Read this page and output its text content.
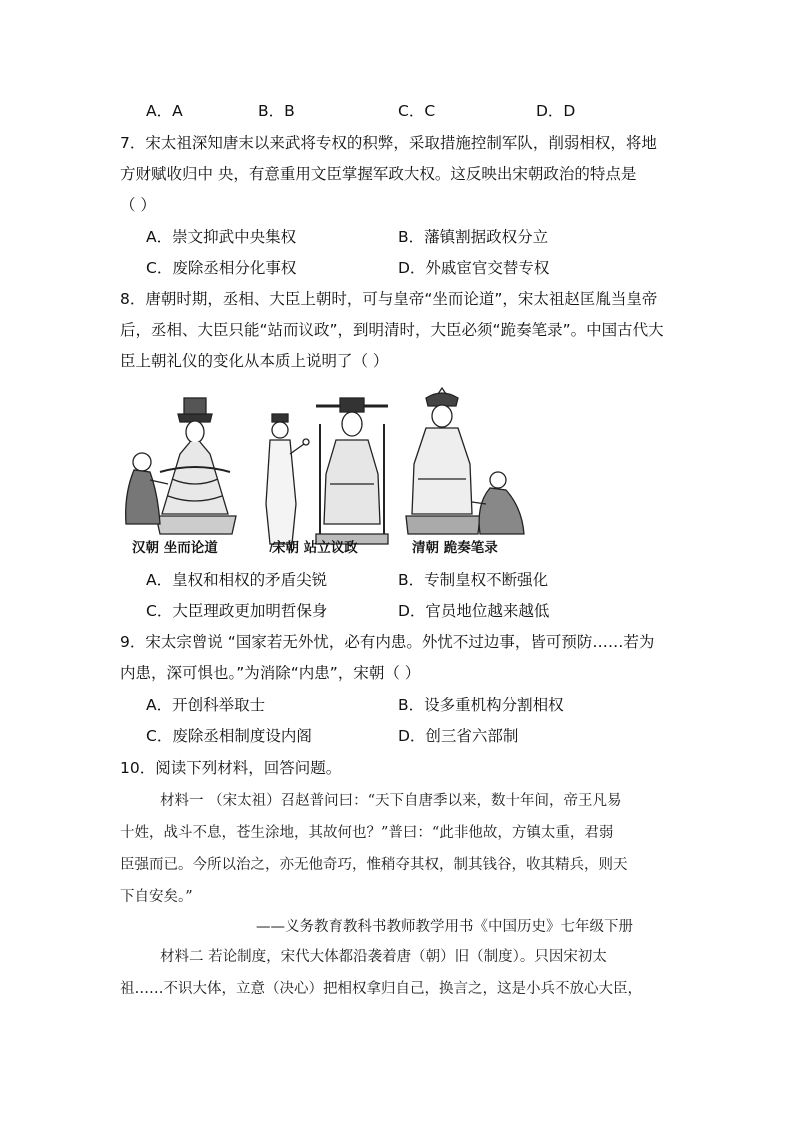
A．A	B．B	C．C	D．D
7．宋太祖深知唐末以来武将专权的积弊，采取措施控制军队，削弱相权，将地
方财赋收归中 央，有意重用文臣掌握军政大权。这反映出宋朝政治的特点是
（ ）
A．崇文抑武中央集权	B．藩镇割据政权分立
C．废除丞相分化事权	D．外戚宦官交替专权
8．唐朝时期，丞相、大臣上朝时，可与皇帝“坐而论道”，宋太祖赵匡胤当皇帝
后，丞相、大臣只能“站而议政”，到明清时，大臣必须“跪奏笔录”。中国古代大
臣上朝礼仪的变化从本质上说明了（ ）
汉朝 坐而论道	宋朝 站立议政	清朝 跪奏笔录
A．皇权和相权的矛盾尖锐	B．专制皇权不断强化
C．大臣理政更加明哲保身	D．官员地位越来越低
9．宋太宗曾说 “国家若无外忧，必有内患。外忧不过边事，皆可预防……若为
内患，深可惧也。”为消除“内患”，宋朝（ ）
A．开创科举取士	B．设多重机构分割相权
C．废除丞相制度设内阁	D．创三省六部制
10．阅读下列材料，回答问题。
材料一 （宋太祖）召赵普问曰：“天下自唐季以来，数十年间，帝王凡易
十姓，战斗不息，苍生涂地，其故何也？”普曰：“此非他故，方镇太重，君弱
臣强而已。今所以治之，亦无他奇巧，惟稍夺其权，制其钱谷，收其精兵，则天
下自安矣。”
——义务教育教科书教师教学用书《中国历史》七年级下册
材料二 若论制度，宋代大体都沿袭着唐（朝）旧（制度）。只因宋初太
祖……不识大体，立意（决心）把相权拿归自己，换言之，这是小兵不放心大臣，
